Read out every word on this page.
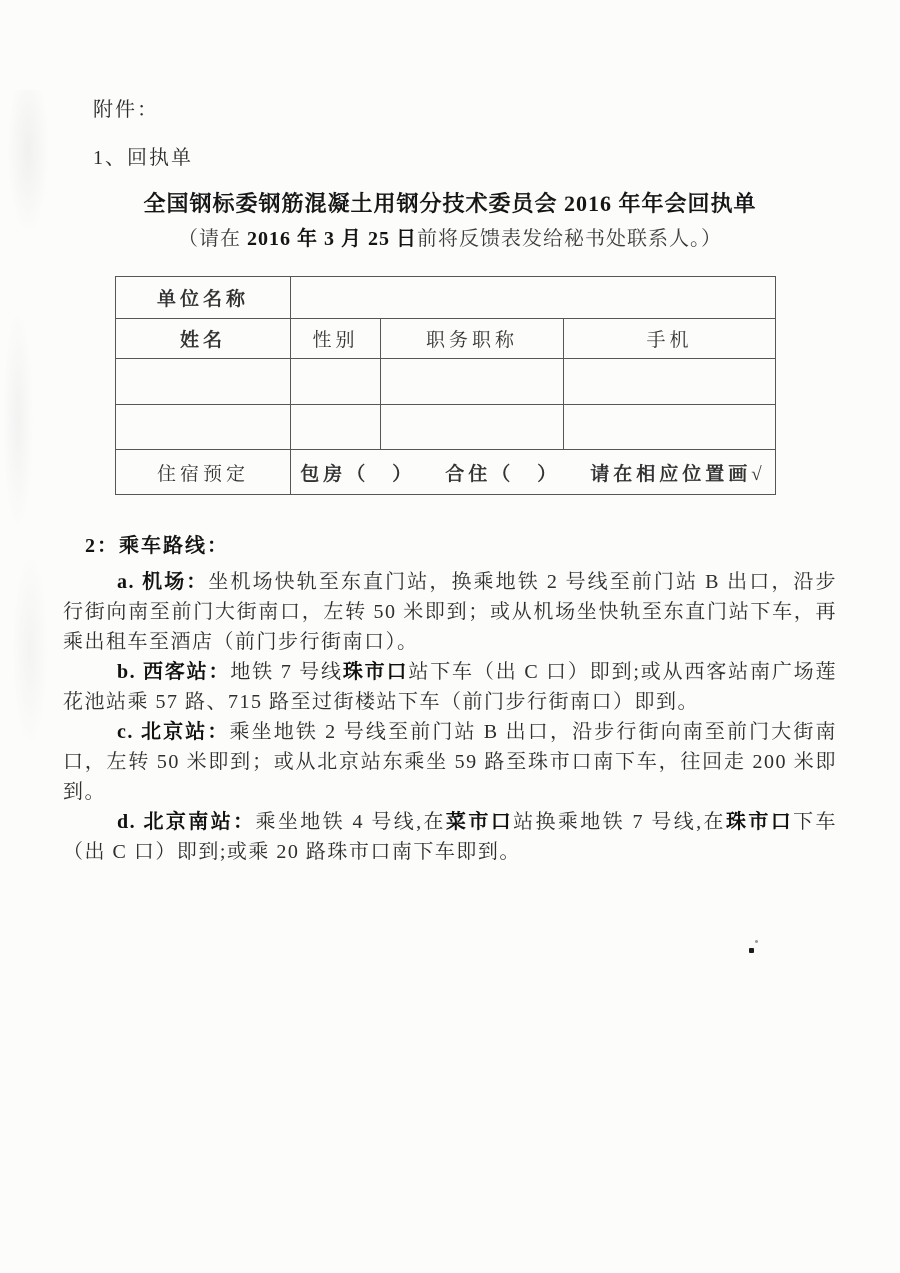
附件：
1、回执单
全国钢标委钢筋混凝土用钢分技术委员会 2016 年年会回执单
（请在 2016 年 3 月 25 日前将反馈表发给秘书处联系人。）
单位名称			
姓名	性别	职务职称	手机

住宿预定	包房（　） 合住（　） 请在相应位置画√		
2：乘车路线：

a. 机场：坐机场快轨至东直门站，换乘地铁 2 号线至前门站 B 出口，沿步行街向南至前门大街南口，左转 50 米即到；或从机场坐快轨至东直门站下车，再乘出租车至酒店（前门步行街南口）。

b. 西客站：地铁 7 号线珠市口站下车（出 C 口）即到;或从西客站南广场莲花池站乘 57 路、715 路至过街楼站下车（前门步行街南口）即到。

c. 北京站：乘坐地铁 2 号线至前门站 B 出口，沿步行街向南至前门大街南口，左转 50 米即到；或从北京站东乘坐 59 路至珠市口南下车，往回走 200 米即到。

d. 北京南站：乘坐地铁 4 号线,在菜市口站换乘地铁 7 号线,在珠市口下车（出 C 口）即到;或乘 20 路珠市口南下车即到。
